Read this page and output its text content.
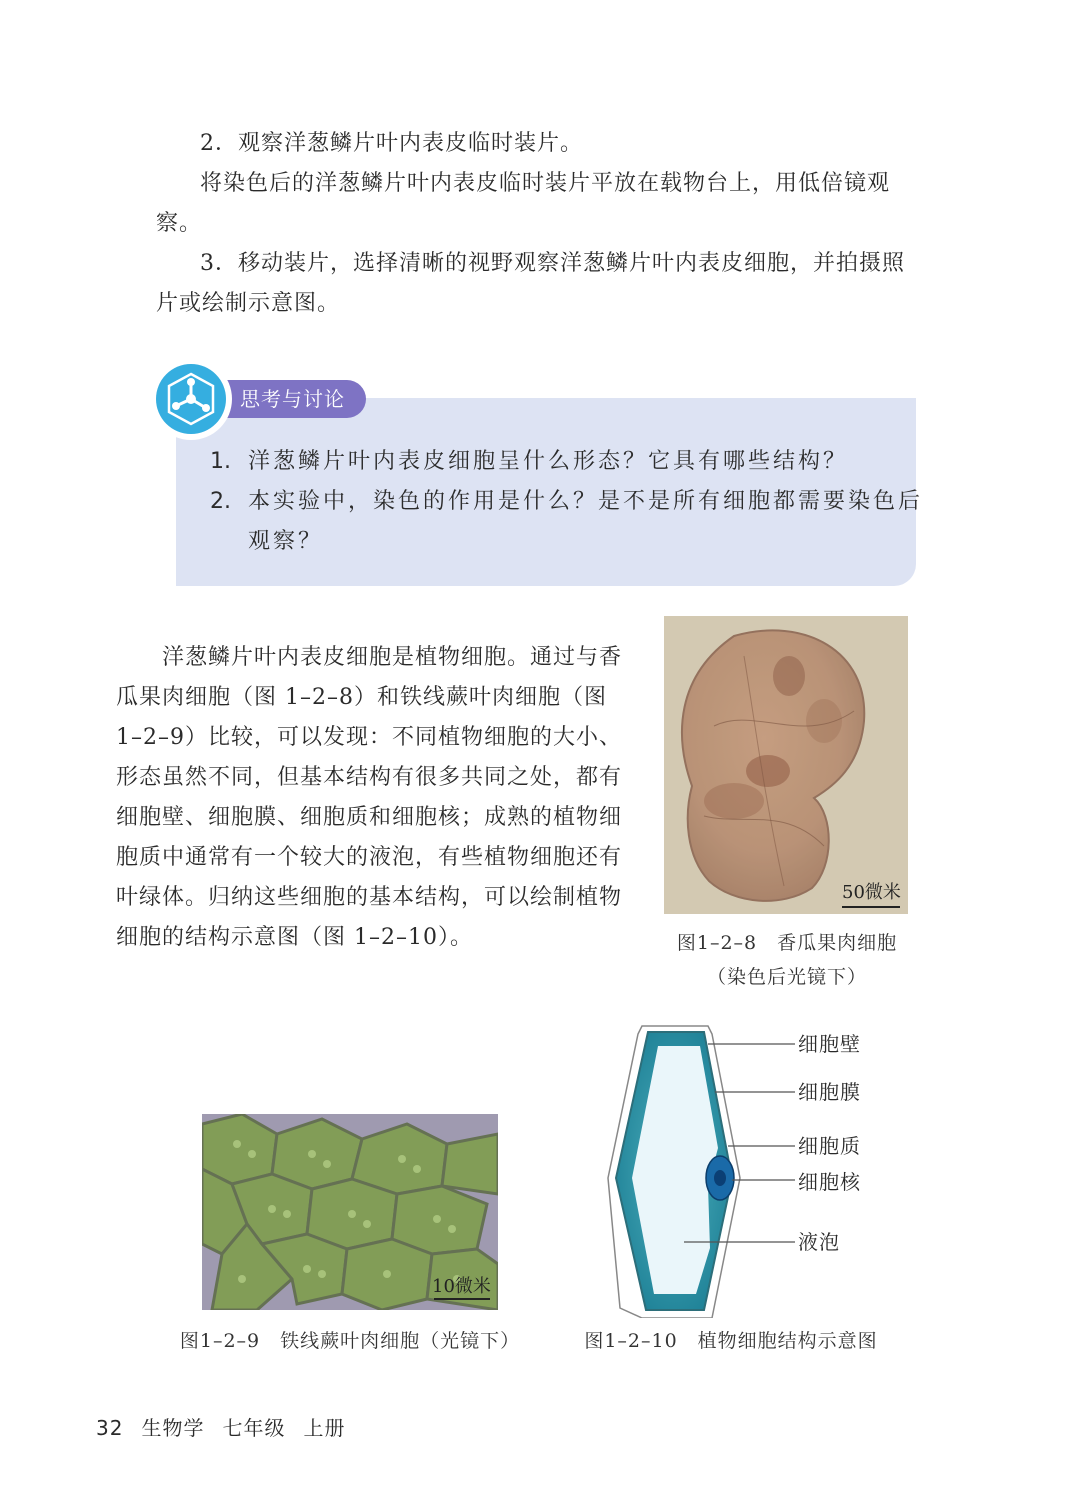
2．观察洋葱鳞片叶内表皮临时装片。

将染色后的洋葱鳞片叶内表皮临时装片平放在载物台上，用低倍镜观察。

3．移动装片，选择清晰的视野观察洋葱鳞片叶内表皮细胞，并拍摄照片或绘制示意图。

思考与讨论
1. 洋葱鳞片叶内表皮细胞呈什么形态？它具有哪些结构？
2. 本实验中，染色的作用是什么？是不是所有细胞都需要染色后观察？

洋葱鳞片叶内表皮细胞是植物细胞。通过与香瓜果肉细胞（图 1–2–8）和铁线蕨叶肉细胞（图 1–2–9）比较，可以发现：不同植物细胞的大小、形态虽然不同，但基本结构有很多共同之处，都有细胞壁、细胞膜、细胞质和细胞核；成熟的植物细胞质中通常有一个较大的液泡，有些植物细胞还有叶绿体。归纳这些细胞的基本结构，可以绘制植物细胞的结构示意图（图 1–2–10）。

50微米
图1–2–8　香瓜果肉细胞（染色后光镜下）
10微米
图1–2–9　铁线蕨叶肉细胞（光镜下）
细胞壁
细胞膜
细胞质
细胞核
液泡
图1–2–10　植物细胞结构示意图
32 生物学 七年级 上册
